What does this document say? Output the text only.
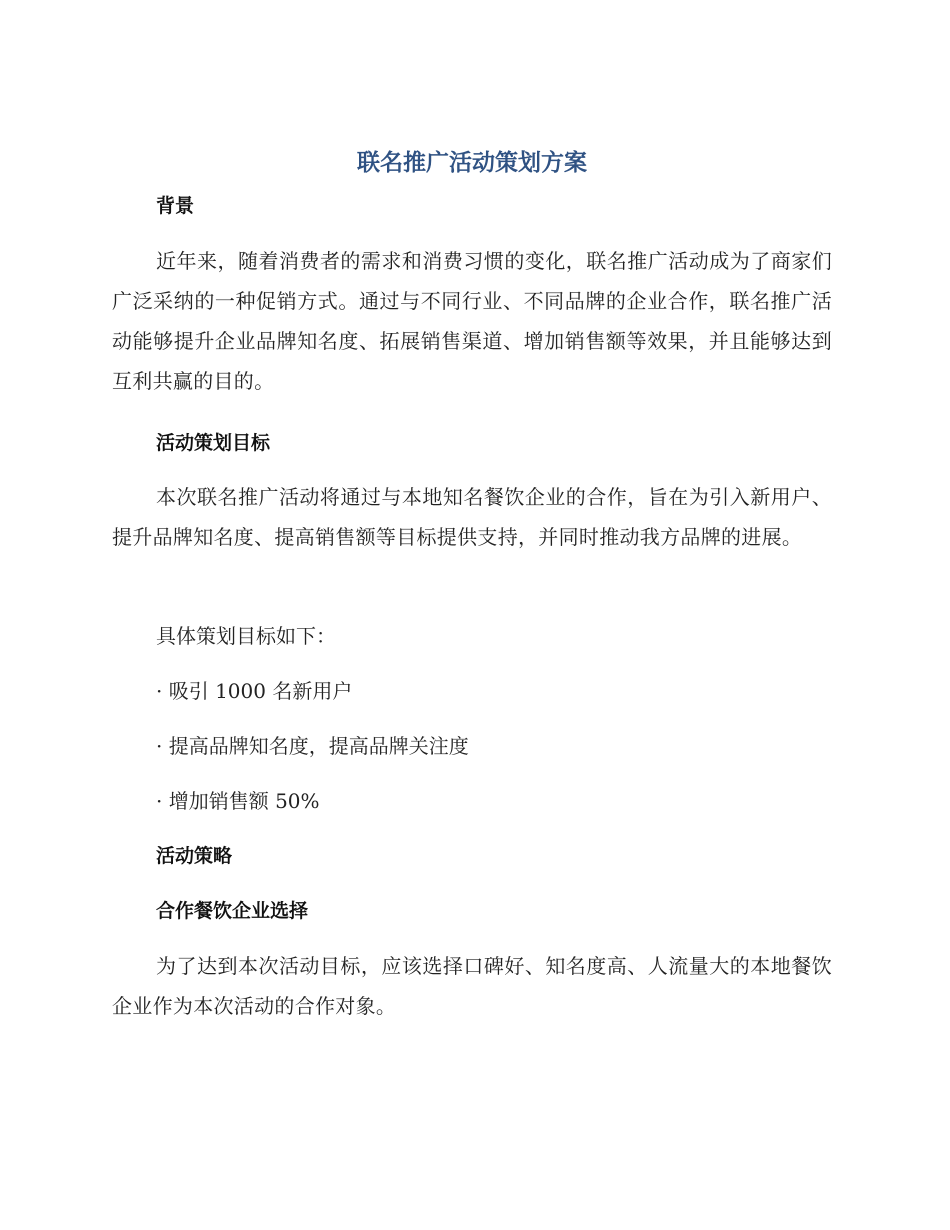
联名推广活动策划方案
背景

近年来，随着消费者的需求和消费习惯的变化，联名推广活动成为了商家们广泛采纳的一种促销方式。通过与不同行业、不同品牌的企业合作，联名推广活动能够提升企业品牌知名度、拓展销售渠道、增加销售额等效果，并且能够达到互利共赢的目的。

活动策划目标

本次联名推广活动将通过与本地知名餐饮企业的合作，旨在为引入新用户、提升品牌知名度、提高销售额等目标提供支持，并同时推动我方品牌的进展。

具体策划目标如下：
· 吸引 1000 名新用户
· 提高品牌知名度，提高品牌关注度
· 增加销售额 50%
活动策略
合作餐饮企业选择

为了达到本次活动目标，应该选择口碑好、知名度高、人流量大的本地餐饮企业作为本次活动的合作对象。
